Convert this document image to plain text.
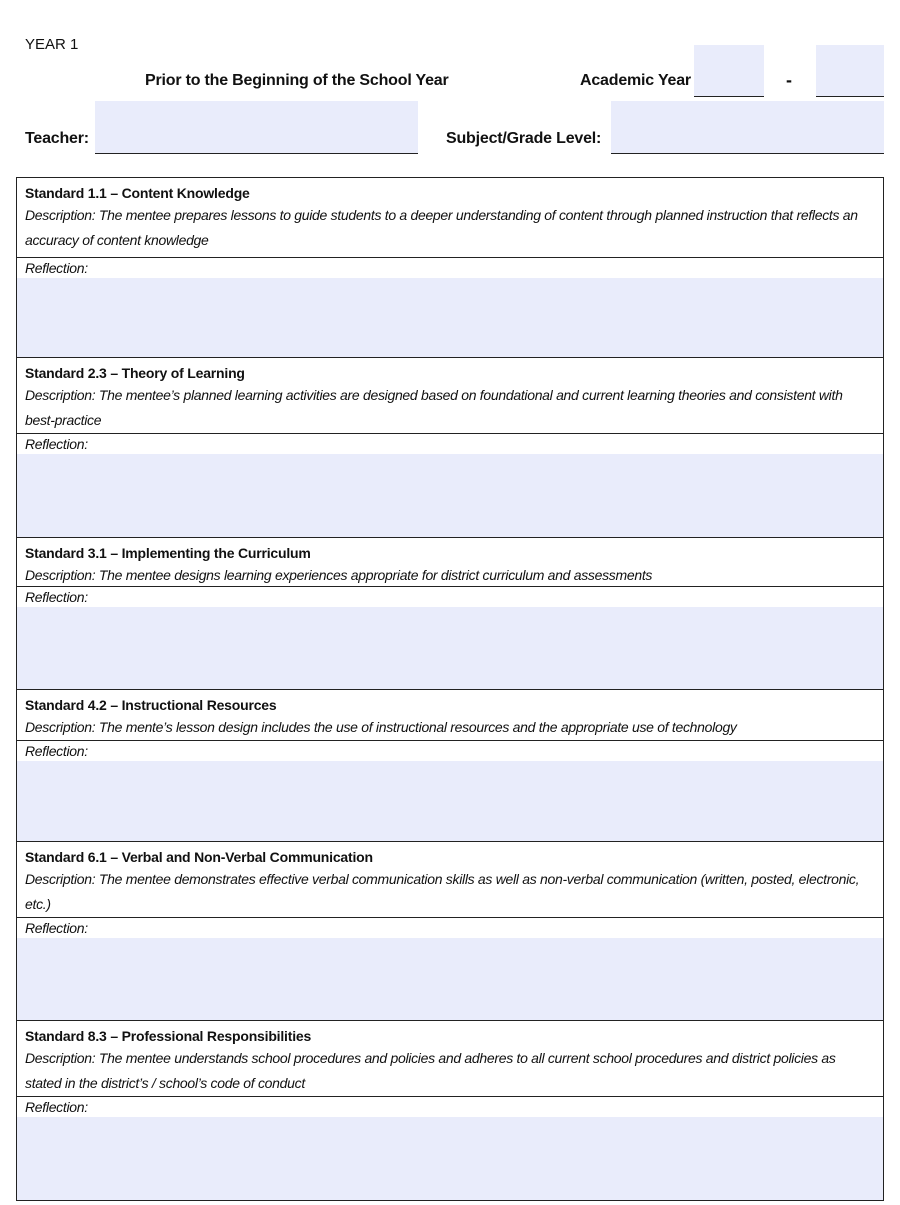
YEAR 1
Prior to the Beginning of the School Year	Academic Year	-
Teacher:	Subject/Grade Level:
Standard 1.1 – Content Knowledge
Description: The mentee prepares lessons to guide students to a deeper understanding of content through planned instruction that reflects an accuracy of content knowledge
Reflection:
Standard 2.3 – Theory of Learning
Description: The mentee’s planned learning activities are designed based on foundational and current learning theories and consistent with best-practice
Reflection:
Standard 3.1 – Implementing the Curriculum
Description: The mentee designs learning experiences appropriate for district curriculum and assessments
Reflection:
Standard 4.2 – Instructional Resources
Description: The mente’s lesson design includes the use of instructional resources and the appropriate use of technology
Reflection:
Standard 6.1 – Verbal and Non-Verbal Communication
Description: The mentee demonstrates effective verbal communication skills as well as non-verbal communication (written, posted, electronic, etc.)
Reflection:
Standard 8.3 – Professional Responsibilities
Description: The mentee understands school procedures and policies and adheres to all current school procedures and district policies as stated in the district’s / school’s code of conduct
Reflection:
